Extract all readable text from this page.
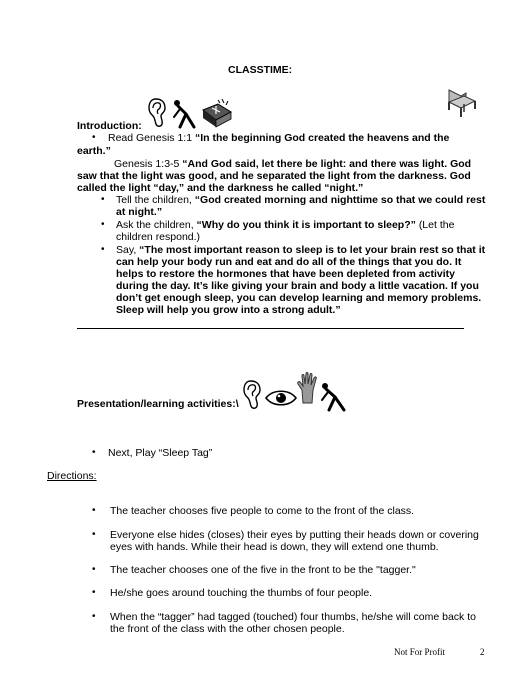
CLASSTIME:
Introduction:
• Read Genesis 1:1 “In the beginning God created the heavens and the
earth.”
Genesis 1:3-5 “And God said, let there be light: and there was light. God
saw that the light was good, and he separated the light from the darkness. God
called the light “day,” and the darkness he called “night.”
• Tell the children, “God created morning and nighttime so that we could rest
at night.”
• Ask the children, “Why do you think it is important to sleep?” (Let the
children respond.)
• Say, “The most important reason to sleep is to let your brain rest so that it
can help your body run and eat and do all of the things that you do. It
helps to restore the hormones that have been depleted from activity
during the day. It’s like giving your brain and body a little vacation. If you
don’t get enough sleep, you can develop learning and memory problems.
Sleep will help you grow into a strong adult.”
Presentation/learning activities:\
• Next, Play “Sleep Tag”
Directions:
• The teacher chooses five people to come to the front of the class.
• Everyone else hides (closes) their eyes by putting their heads down or covering
eyes with hands. While their head is down, they will extend one thumb.
• The teacher chooses one of the five in the front to be the "tagger."
• He/she goes around touching the thumbs of four people.
• When the “tagger” had tagged (touched) four thumbs, he/she will come back to
the front of the class with the other chosen people.
Not For Profit	2
